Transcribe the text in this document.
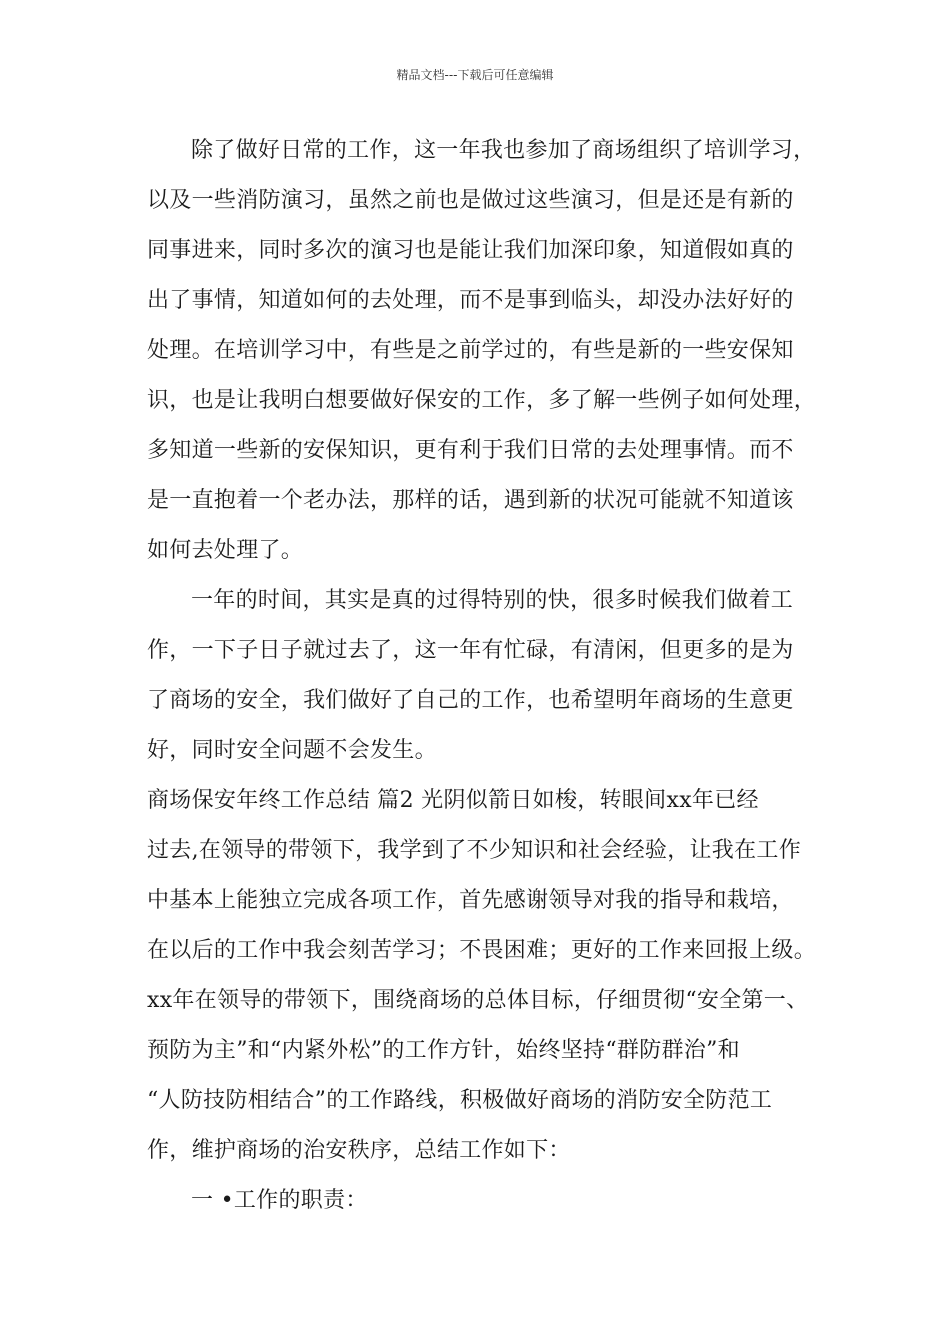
精品文档---下载后可任意编辑
除了做好日常的工作，这一年我也参加了商场组织了培训学习，
以及一些消防演习，虽然之前也是做过这些演习，但是还是有新的
同事进来，同时多次的演习也是能让我们加深印象，知道假如真的
出了事情，知道如何的去处理，而不是事到临头，却没办法好好的
处理。在培训学习中，有些是之前学过的，有些是新的一些安保知
识，也是让我明白想要做好保安的工作，多了解一些例子如何处理，
多知道一些新的安保知识，更有利于我们日常的去处理事情。而不
是一直抱着一个老办法，那样的话，遇到新的状况可能就不知道该
如何去处理了。
一年的时间，其实是真的过得特别的快，很多时候我们做着工
作，一下子日子就过去了，这一年有忙碌，有清闲，但更多的是为
了商场的安全，我们做好了自己的工作，也希望明年商场的生意更
好，同时安全问题不会发生。
商场保安年终工作总结 篇2 光阴似箭日如梭，转眼间xx年已经
过去,在领导的带领下，我学到了不少知识和社会经验，让我在工作
中基本上能独立完成各项工作，首先感谢领导对我的指导和栽培，
在以后的工作中我会刻苦学习；不畏困难；更好的工作来回报上级。
xx年在领导的带领下，围绕商场的总体目标，仔细贯彻“安全第一、
预防为主”和“内紧外松”的工作方针，始终坚持“群防群治”和
“人防技防相结合”的工作路线，积极做好商场的消防安全防范工
作，维护商场的治安秩序，总结工作如下：
一 •工作的职责：
